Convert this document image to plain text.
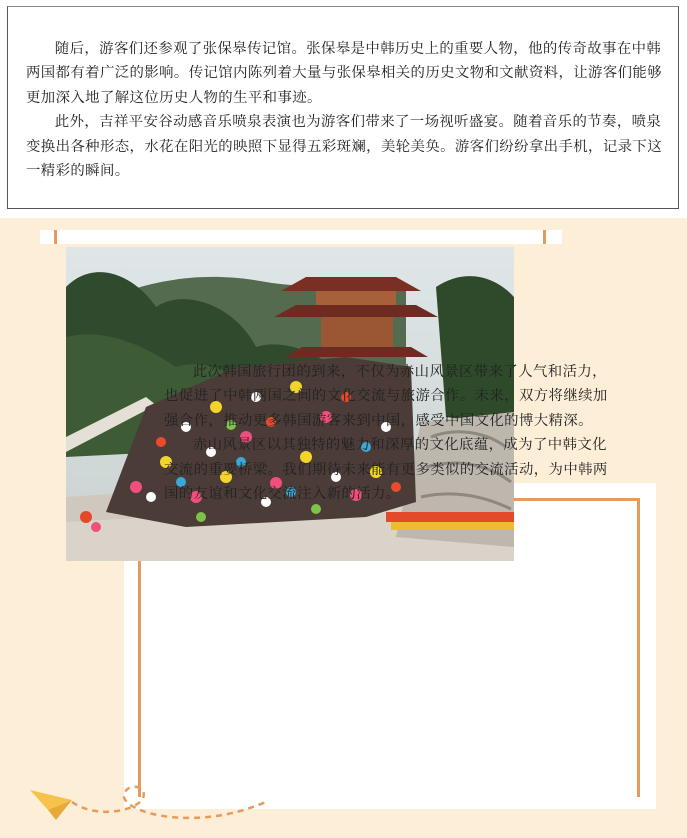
随后，游客们还参观了张保皋传记馆。张保皋是中韩历史上的重要人物，他的传奇故事在中韩两国都有着广泛的影响。传记馆内陈列着大量与张保皋相关的历史文物和文献资料，让游客们能够更加深入地了解这位历史人物的生平和事迹。

此外，吉祥平安谷动感音乐喷泉表演也为游客们带来了一场视听盛宴。随着音乐的节奏，喷泉变换出各种形态，水花在阳光的映照下显得五彩斑斓，美轮美奂。游客们纷纷拿出手机，记录下这一精彩的瞬间。

此次韩国旅行团的到来，不仅为赤山风景区带来了人气和活力，也促进了中韩两国之间的文化交流与旅游合作。未来，双方将继续加强合作，推动更多韩国游客来到中国，感受中国文化的博大精深。

赤山风景区以其独特的魅力和深厚的文化底蕴，成为了中韩文化交流的重要桥梁。我们期待未来能有更多类似的交流活动，为中韩两国的友谊和文化交流注入新的活力。
